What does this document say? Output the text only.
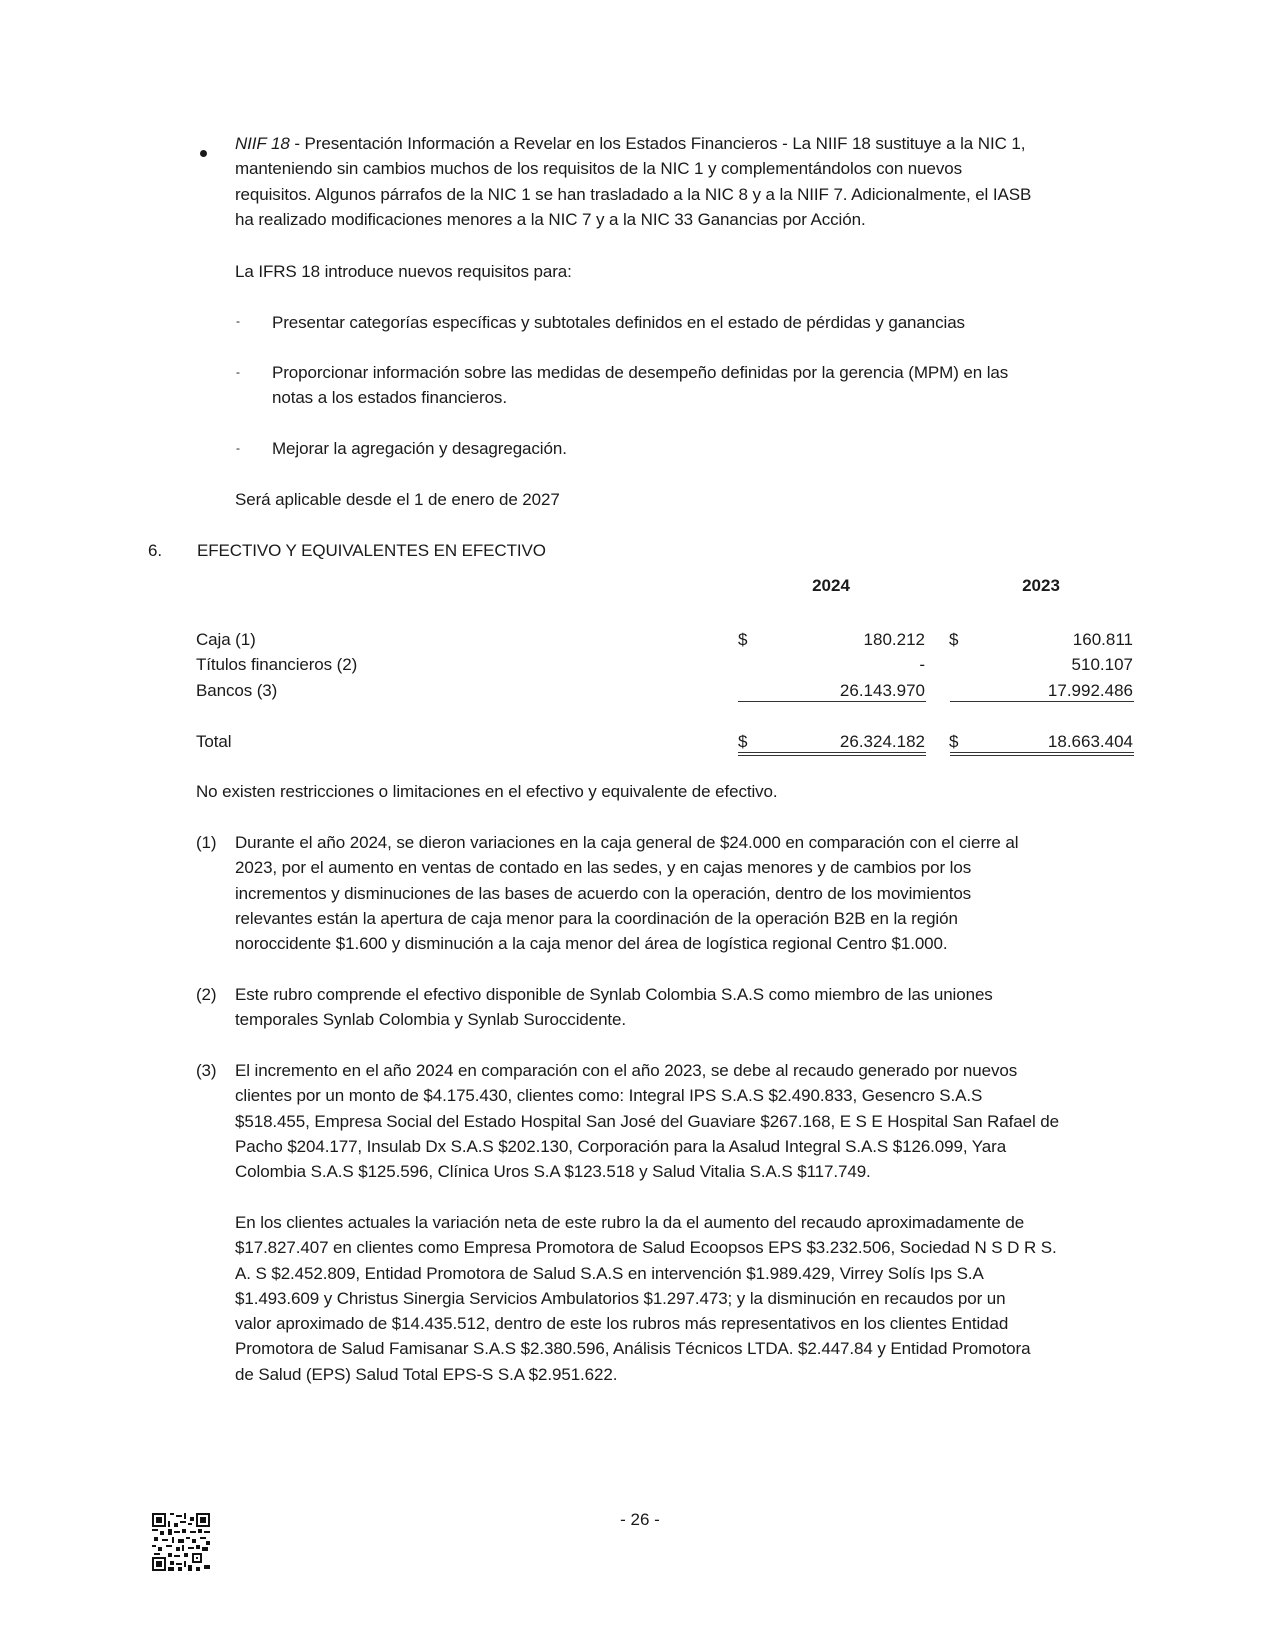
NIIF 18 - Presentación Información a Revelar en los Estados Financieros - La NIIF 18 sustituye a la NIC 1,
manteniendo sin cambios muchos de los requisitos de la NIC 1 y complementándolos con nuevos
requisitos. Algunos párrafos de la NIC 1 se han trasladado a la NIC 8 y a la NIIF 7. Adicionalmente, el IASB
ha realizado modificaciones menores a la NIC 7 y a la NIC 33 Ganancias por Acción.
La IFRS 18 introduce nuevos requisitos para:
- Presentar categorías específicas y subtotales definidos en el estado de pérdidas y ganancias
- Proporcionar información sobre las medidas de desempeño definidas por la gerencia (MPM) en las
notas a los estados financieros.
- Mejorar la agregación y desagregación.
Será aplicable desde el 1 de enero de 2027
6. EFECTIVO Y EQUIVALENTES EN EFECTIVO
2024	2023
Caja (1)	$	180.212 $	160.811
Títulos financieros (2)	-	510.107
Bancos (3)	26.143.970	17.992.486
Total	$	26.324.182 $	18.663.404
No existen restricciones o limitaciones en el efectivo y equivalente de efectivo.
(1) Durante el año 2024, se dieron variaciones en la caja general de $24.000 en comparación con el cierre al
2023, por el aumento en ventas de contado en las sedes, y en cajas menores y de cambios por los
incrementos y disminuciones de las bases de acuerdo con la operación, dentro de los movimientos
relevantes están la apertura de caja menor para la coordinación de la operación B2B en la región
noroccidente $1.600 y disminución a la caja menor del área de logística regional Centro $1.000.
(2) Este rubro comprende el efectivo disponible de Synlab Colombia S.A.S como miembro de las uniones
temporales Synlab Colombia y Synlab Suroccidente.
(3) El incremento en el año 2024 en comparación con el año 2023, se debe al recaudo generado por nuevos
clientes por un monto de $4.175.430, clientes como: Integral IPS S.A.S $2.490.833, Gesencro S.A.S
$518.455, Empresa Social del Estado Hospital San José del Guaviare $267.168, E S E Hospital San Rafael de
Pacho $204.177, Insulab Dx S.A.S $202.130, Corporación para la Asalud Integral S.A.S $126.099, Yara
Colombia S.A.S $125.596, Clínica Uros S.A $123.518 y Salud Vitalia S.A.S $117.749.
En los clientes actuales la variación neta de este rubro la da el aumento del recaudo aproximadamente de
$17.827.407 en clientes como Empresa Promotora de Salud Ecoopsos EPS $3.232.506, Sociedad N S D R S.
A. S $2.452.809, Entidad Promotora de Salud S.A.S en intervención $1.989.429, Virrey Solís Ips S.A
$1.493.609 y Christus Sinergia Servicios Ambulatorios $1.297.473; y la disminución en recaudos por un
valor aproximado de $14.435.512, dentro de este los rubros más representativos en los clientes Entidad
Promotora de Salud Famisanar S.A.S $2.380.596, Análisis Técnicos LTDA. $2.447.84 y Entidad Promotora
de Salud (EPS) Salud Total EPS-S S.A $2.951.622.
- 26 -
